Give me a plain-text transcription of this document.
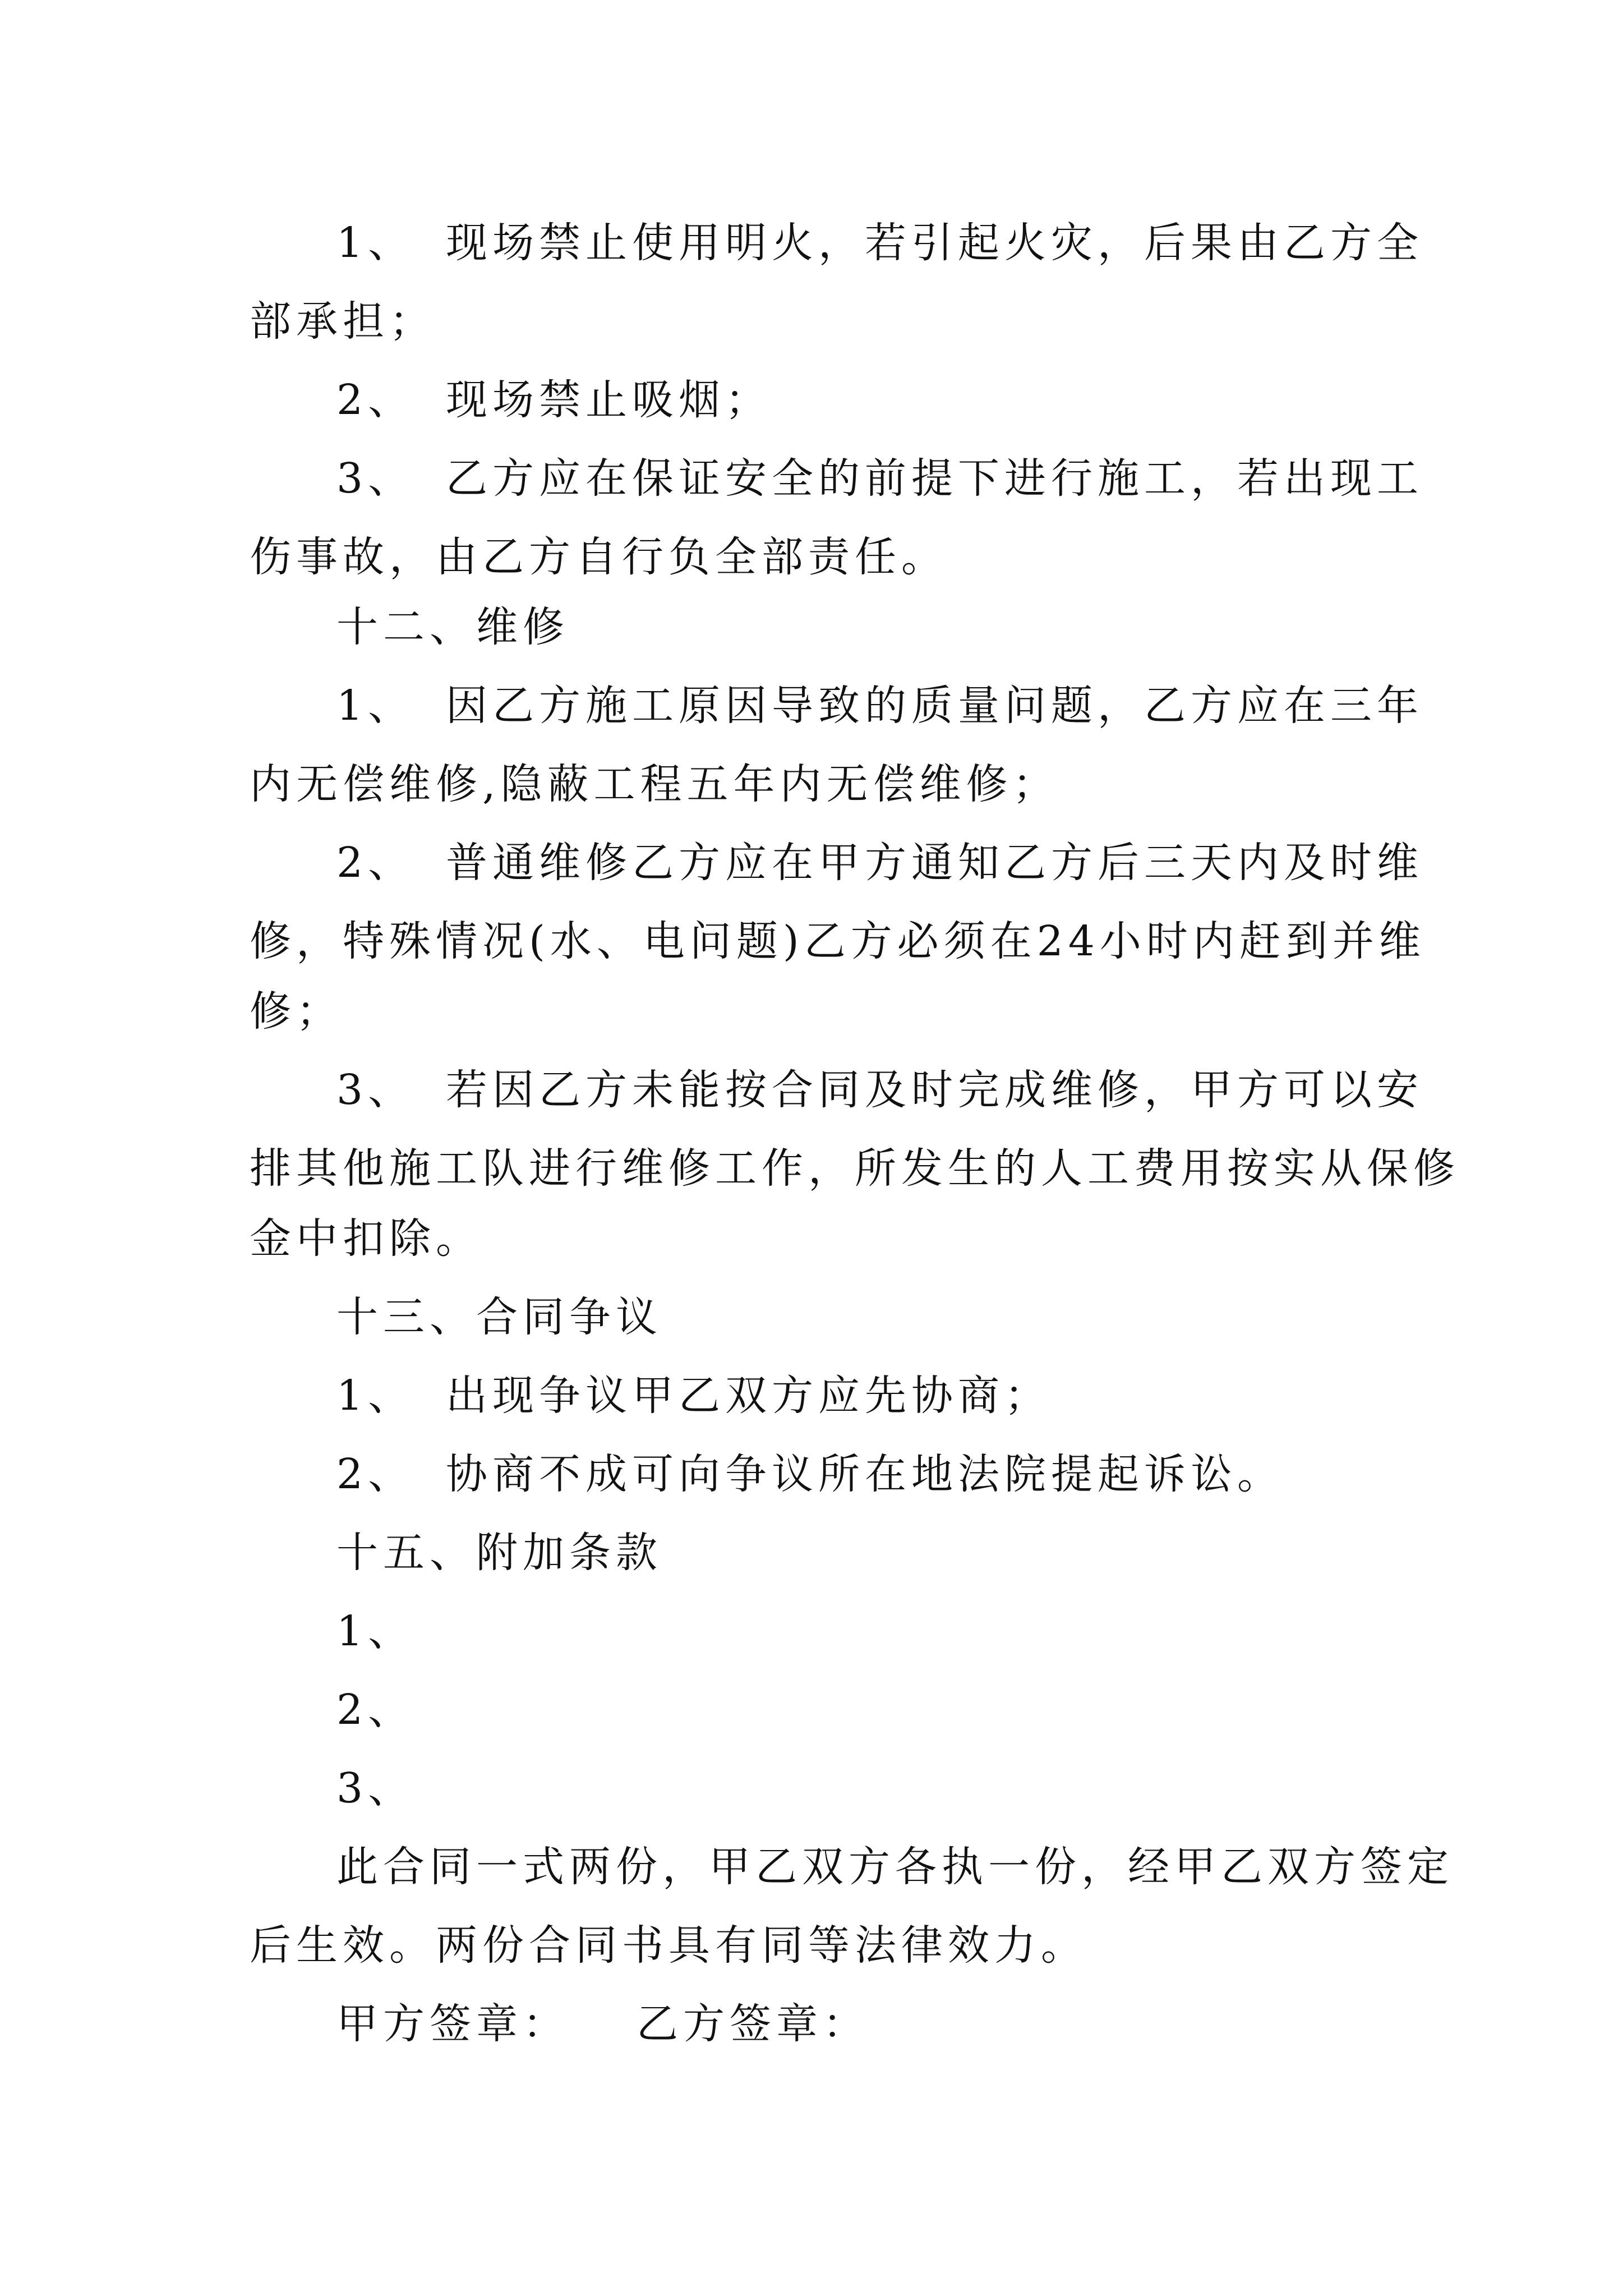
1、 现场禁止使用明火，若引起火灾，后果由乙方全
部承担；
2、 现场禁止吸烟；
3、 乙方应在保证安全的前提下进行施工，若出现工
伤事故，由乙方自行负全部责任。
十二、维修
1、 因乙方施工原因导致的质量问题，乙方应在三年
内无偿维修,隐蔽工程五年内无偿维修；
2、 普通维修乙方应在甲方通知乙方后三天内及时维
修，特殊情况(水、电问题)乙方必须在24小时内赶到并维
修；
3、 若因乙方未能按合同及时完成维修，甲方可以安
排其他施工队进行维修工作，所发生的人工费用按实从保修
金中扣除。
十三、合同争议
1、 出现争议甲乙双方应先协商；
2、 协商不成可向争议所在地法院提起诉讼。
十五、附加条款
1、
2、
3、
此合同一式两份，甲乙双方各执一份，经甲乙双方签定
后生效。两份合同书具有同等法律效力。
甲方签章： 乙方签章：
